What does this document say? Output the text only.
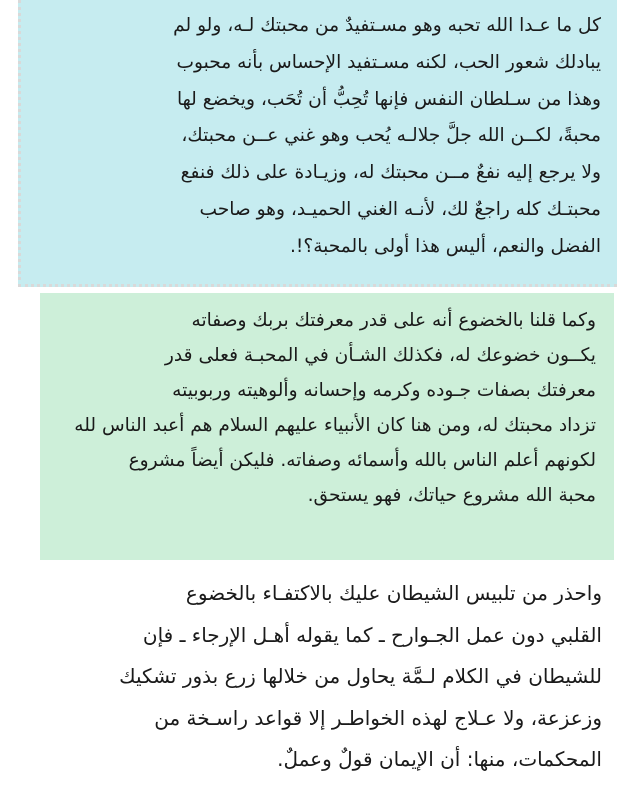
كل ما عـدا الله تحبه وهو مسـتفيدٌ من محبتك لـه، ولو لم
يبادلك شعور الحب، لكنه مسـتفيد الإحساس بأنه محبوب
وهذا من سـلطان النفس فإنها تُحِبُّ أن تُحَب، ويخضع لها
محبةً، لكــن الله جلَّ جلالـه يُحب وهو غني عــن محبتك،
ولا يرجع إليه نفعٌ مــن محبتك له، وزيـادة على ذلك فنفع
محبتـك كله راجعٌ لك، لأنـه الغني الحميـد، وهو صاحب
الفضل والنعم، أليس هذا أولى بالمحبة؟!.

وكما قلنا بالخضوع أنه على قدر معرفتك بربك وصفاته
يكــون خضوعك له، فكذلك الشـأن في المحبـة فعلى قدر
معرفتك بصفات جـوده وكرمه وإحسانه وألوهيته وربوبيته
تزداد محبتك له، ومن هنا كان الأنبياء عليهم السلام هم أعبد الناس لله
لكونهم أعلم الناس بالله وأسمائه وصفاته. فليكن أيضاً مشروع
محبة الله مشروع حياتك، فهو يستحق.

واحذر من تلبيس الشيطان عليك بالاكتفـاء بالخضوع
القلبي دون عمل الجـوارح ـ كما يقوله أهـل الإرجاء ـ فإن
للشيطان في الكلام لـمَّة يحاول من خلالها زرع بذور تشكيك
وزعزعة، ولا عـلاج لهذه الخواطـر إلا قواعد راسـخة من
المحكمات، منها: أن الإيمان قولٌ وعملٌ.
